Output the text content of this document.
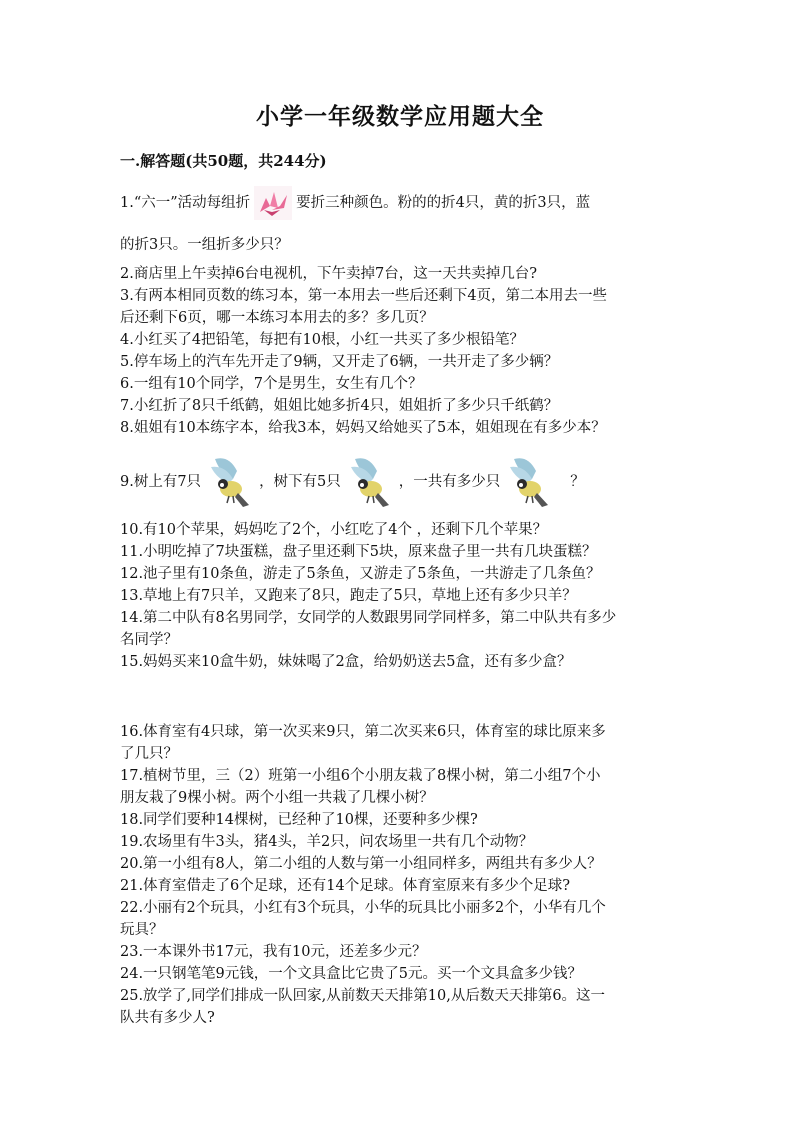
小学一年级数学应用题大全
一.解答题(共50题，共244分)
1.“六一”活动每组折	要折三种颜色。粉的的折4只，黄的折3只，蓝
的折3只。一组折多少只？
2.商店里上午卖掉6台电视机，下午卖掉7台，这一天共卖掉几台?
3.有两本相同页数的练习本，第一本用去一些后还剩下4页，第二本用去一些
后还剩下6页，哪一本练习本用去的多？多几页？
4.小红买了4把铅笔，每把有10根，小红一共买了多少根铅笔？
5.停车场上的汽车先开走了9辆，又开走了6辆，一共开走了多少辆？
6.一组有10个同学，7个是男生，女生有几个？
7.小红折了8只千纸鹤，姐姐比她多折4只，姐姐折了多少只千纸鹤？
8.姐姐有10本练字本，给我3本，妈妈又给她买了5本，姐姐现在有多少本？
9.树上有7只	，树下有5只	，一共有多少只	？
10.有10个苹果，妈妈吃了2个，小红吃了4个 ，还剩下几个苹果？
11.小明吃掉了7块蛋糕，盘子里还剩下5块，原来盘子里一共有几块蛋糕？
12.池子里有10条鱼，游走了5条鱼，又游走了5条鱼，一共游走了几条鱼？
13.草地上有7只羊，又跑来了8只，跑走了5只，草地上还有多少只羊？
14.第二中队有8名男同学，女同学的人数跟男同学同样多，第二中队共有多少
名同学？
15.妈妈买来10盒牛奶，妹妹喝了2盒，给奶奶送去5盒，还有多少盒？
16.体育室有4只球，第一次买来9只，第二次买来6只，体育室的球比原来多
了几只？
17.植树节里，三（2）班第一小组6个小朋友栽了8棵小树，第二小组7个小
朋友栽了9棵小树。两个小组一共栽了几棵小树？
18.同学们要种14棵树，已经种了10棵，还要种多少棵?
19.农场里有牛3头，猪4头，羊2只，问农场里一共有几个动物？
20.第一小组有8人，第二小组的人数与第一小组同样多，两组共有多少人？
21.体育室借走了6个足球，还有14个足球。体育室原来有多少个足球?
22.小丽有2个玩具，小红有3个玩具，小华的玩具比小丽多2个，小华有几个
玩具？
23.一本课外书17元，我有10元，还差多少元？
24.一只钢笔笔9元钱，一个文具盒比它贵了5元。买一个文具盒多少钱？
25.放学了,同学们排成一队回家,从前数天天排第10,从后数天天排第6。这一
队共有多少人?
